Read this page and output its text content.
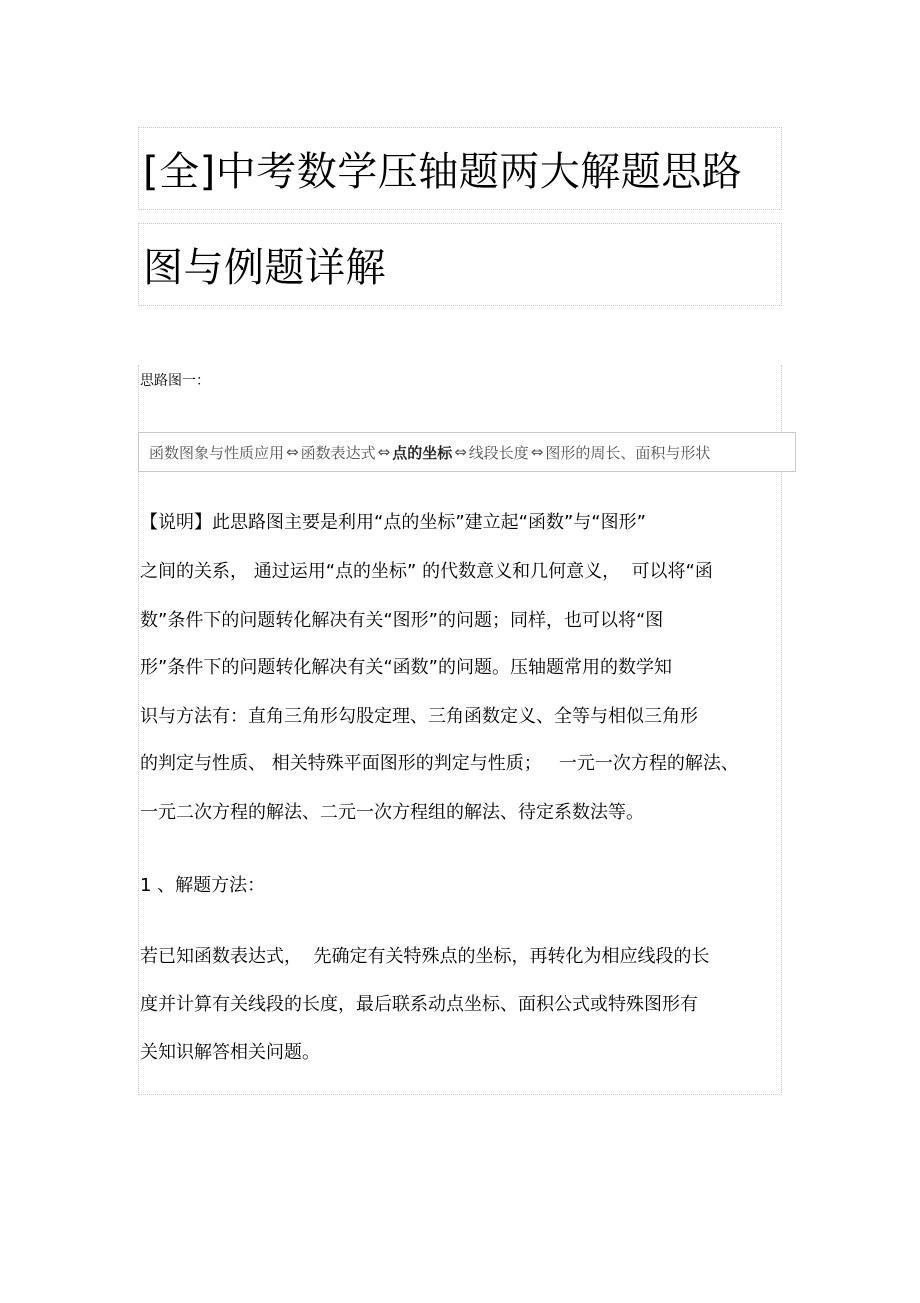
[全]中考数学压轴题两大解题思路
图与例题详解
思路图一：
函数图象与性质应用 ⇔ 函数表达式 ⇔ 点的坐标 ⇔ 线段长度 ⇔ 图形的周长、面积与形状
【说明】此思路图主要是利用“点的坐标”建立起“函数”与“图形”
之间的关系， 通过运用“点的坐标” 的代数意义和几何意义，  可以将“函
数”条件下的问题转化解决有关“图形”的问题；同样，也可以将“图
形”条件下的问题转化解决有关“函数”的问题。压轴题常用的数学知
识与方法有：直角三角形勾股定理、三角函数定义、全等与相似三角形
的判定与性质、 相关特殊平面图形的判定与性质；   一元一次方程的解法、
一元二次方程的解法、二元一次方程组的解法、待定系数法等。
1 、解题方法：
若已知函数表达式，  先确定有关特殊点的坐标，再转化为相应线段的长
度并计算有关线段的长度，最后联系动点坐标、面积公式或特殊图形有
关知识解答相关问题。
